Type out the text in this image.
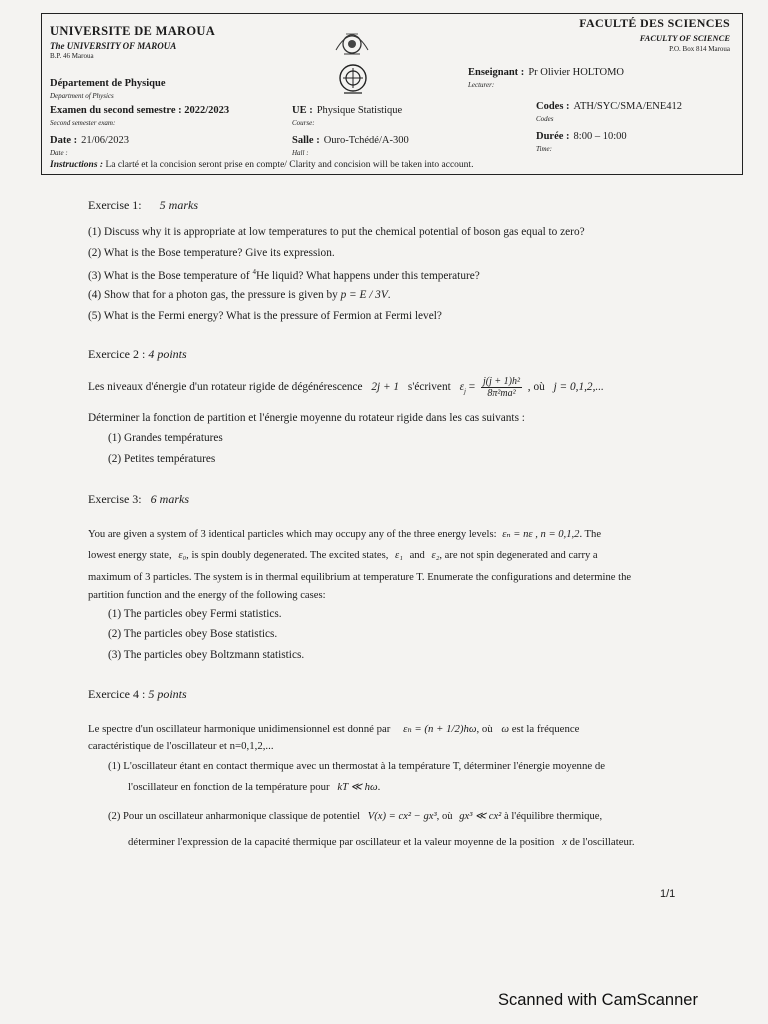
UNIVERSITE DE MAROUA
The UNIVERSITY OF MAROUA
B.P. 46 Maroua
FACULTÉ DES SCIENCES
FACULTY OF SCIENCE
P.O. Box 814 Maroua
Département de Physique
Department of Physics
Examen du second semestre : 2022/2023
Second semester exam:
Date : 21/06/2023
Date :
UE : Physique Statistique
Course:
Salle : Ouro-Tchédé/A-300
Hall :
Enseignant : Pr Olivier HOLTOMO
Lecturer:
Codes : ATH/SYC/SMA/ENE412
Codes
Durée : 8:00 – 10:00
Time:
Instructions : La clarté et la concision seront prise en compte/ Clarity and concision will be taken into account.
Exercise 1: 5 marks
(1) Discuss why it is appropriate at low temperatures to put the chemical potential of boson gas equal to zero?
(2) What is the Bose temperature? Give its expression.
(3) What is the Bose temperature of $^4$He liquid? What happens under this temperature?
(4) Show that for a photon gas, the pressure is given by p = E / 3V.
(5) What is the Fermi energy? What is the pressure of Fermion at Fermi level?
Exercice 2 : 4 points
Les niveaux d'énergie d'un rotateur rigide de dégénérescence 2j + 1 s'écrivent $\varepsilon_j = \frac{\text{j(j + 1)h²}}{\text{8π²ma²}}$ , où j = 0,1,2,...
Déterminer la fonction de partition et l'énergie moyenne du rotateur rigide dans les cas suivants :
(1) Grandes températures
(2) Petites températures
Exercise 3: 6 marks
You are given a system of 3 identical particles which may occupy any of the three energy levels: εₙ = nε , n = 0,1,2. The
lowest energy state, ε₀, is spin doubly degenerated. The excited states, ε₁ and ε₂, are not spin degenerated and carry a
maximum of 3 particles. The system is in thermal equilibrium at temperature T. Enumerate the configurations and determine the
partition function and the energy of the following cases:
(1) The particles obey Fermi statistics.
(2) The particles obey Bose statistics.
(3) The particles obey Boltzmann statistics.
Exercice 4 : 5 points
Le spectre d'un oscillateur harmonique unidimensionnel est donné par εₙ = (n + 1/2)hω, où ω est la fréquence
caractéristique de l'oscillateur et n=0,1,2,...
(1) L'oscillateur étant en contact thermique avec un thermostat à la température T, déterminer l'énergie moyenne de
l'oscillateur en fonction de la température pour kT ≪ hω.
(2) Pour un oscillateur anharmonique classique de potentiel V(x) = cx² − gx³, où gx³ ≪ cx² à l'équilibre thermique,
déterminer l'expression de la capacité thermique par oscillateur et la valeur moyenne de la position x de l'oscillateur.
1/1
Scanned with CamScanner
